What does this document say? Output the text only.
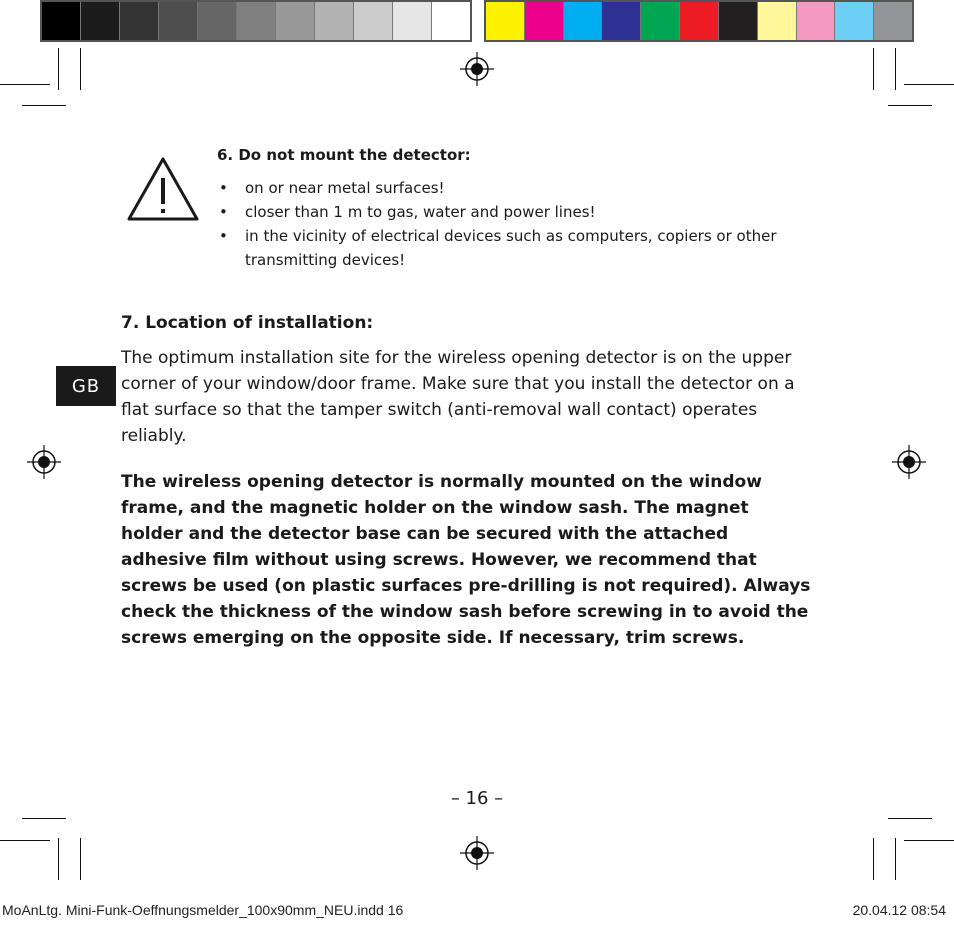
GB
6. Do not mount the detector:
• on or near metal surfaces!
• closer than 1 m to gas, water and power lines!
• in the vicinity of electrical devices such as computers, copiers or other transmitting devices!
7. Location of installation:

The optimum installation site for the wireless opening detector is on the upper corner of your window/door frame. Make sure that you install the detector on a flat surface so that the tamper switch (anti-removal wall contact) operates reliably.

The wireless opening detector is normally mounted on the window frame, and the magnetic holder on the window sash. The magnet holder and the detector base can be secured with the attached adhesive film without using screws. However, we recommend that screws be used (on plastic surfaces pre-drilling is not required). Always check the thickness of the window sash before screwing in to avoid the screws emerging on the opposite side. If necessary, trim screws.

– 16 –
MoAnLtg. Mini-Funk-Oeffnungsmelder_100x90mm_NEU.indd 16	20.04.12 08:54
